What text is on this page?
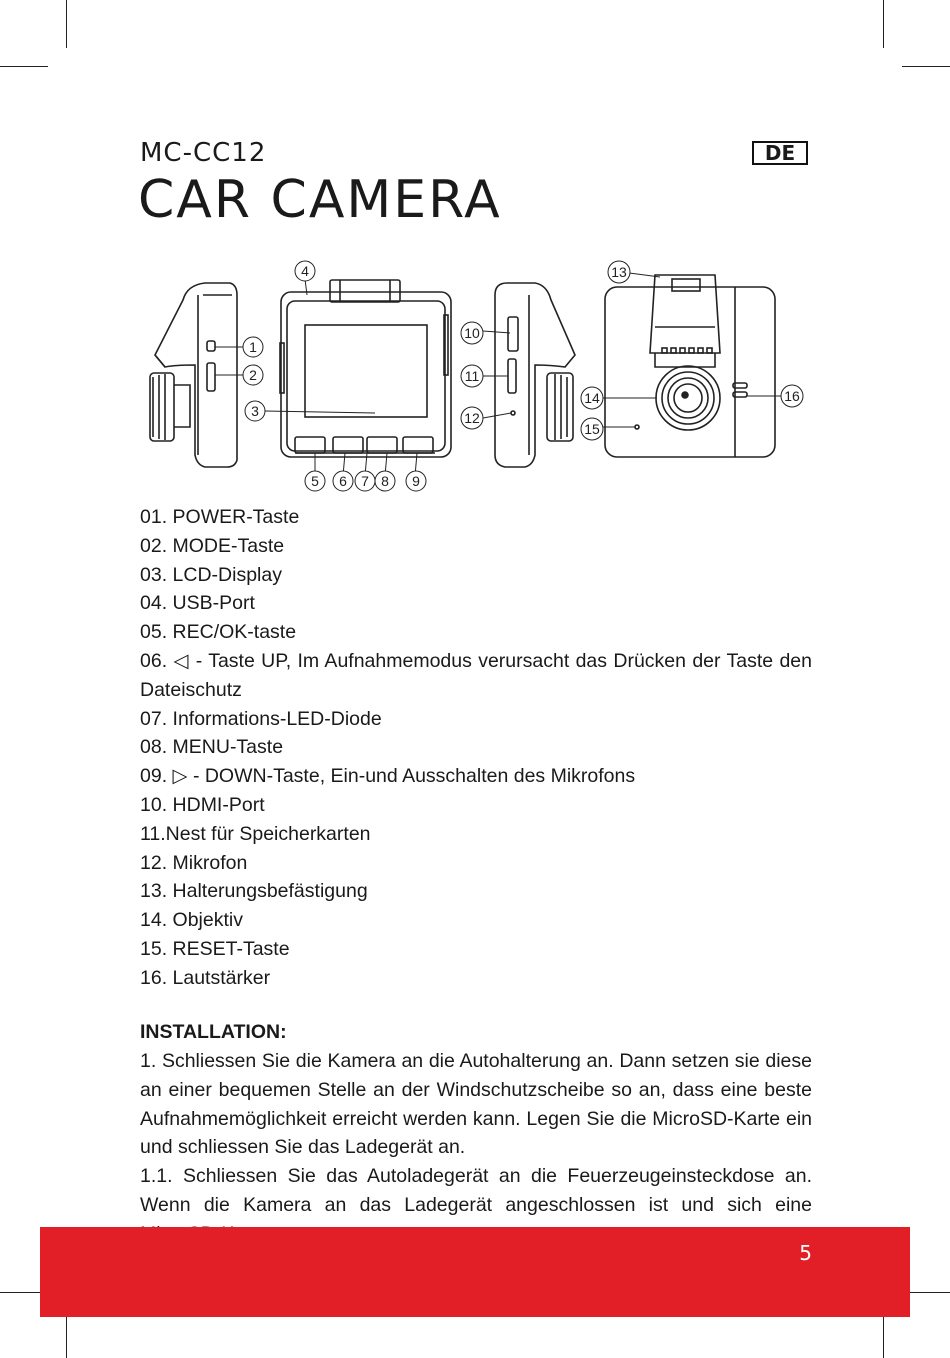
MC-CC12
CAR CAMERA
DE
1
2
3
4
5 6 7 8 9
10
11
12
13
14
15
16
01. POWER-Taste
02. MODE-Taste
03. LCD-Display
04. USB-Port
05. REC/OK-taste
06. ◁ - Taste UP, Im Aufnahmemodus verursacht das Drücken der Taste den Dateischutz
07. Informations-LED-Diode
08. MENU-Taste
09. ▷ - DOWN-Taste, Ein-und Ausschalten des Mikrofons
10. HDMI-Port
11.Nest für Speicherkarten
12. Mikrofon
13. Halterungsbefästigung
14. Objektiv
15. RESET-Taste
16. Lautstärker
INSTALLATION:

1. Schliessen Sie die Kamera an die Autohalterung an. Dann setzen sie diese an einer bequemen Stelle an der Windschutzscheibe so an, dass eine beste Aufnahmemöglichkeit erreicht werden kann. Legen Sie die MicroSD-Karte ein und schliessen Sie das Ladegerät an.

1.1. Schliessen Sie das Autoladegerät an die Feuerzeugeinsteckdose an. Wenn die Kamera an das Ladegerät angeschlossen ist und sich eine

5
